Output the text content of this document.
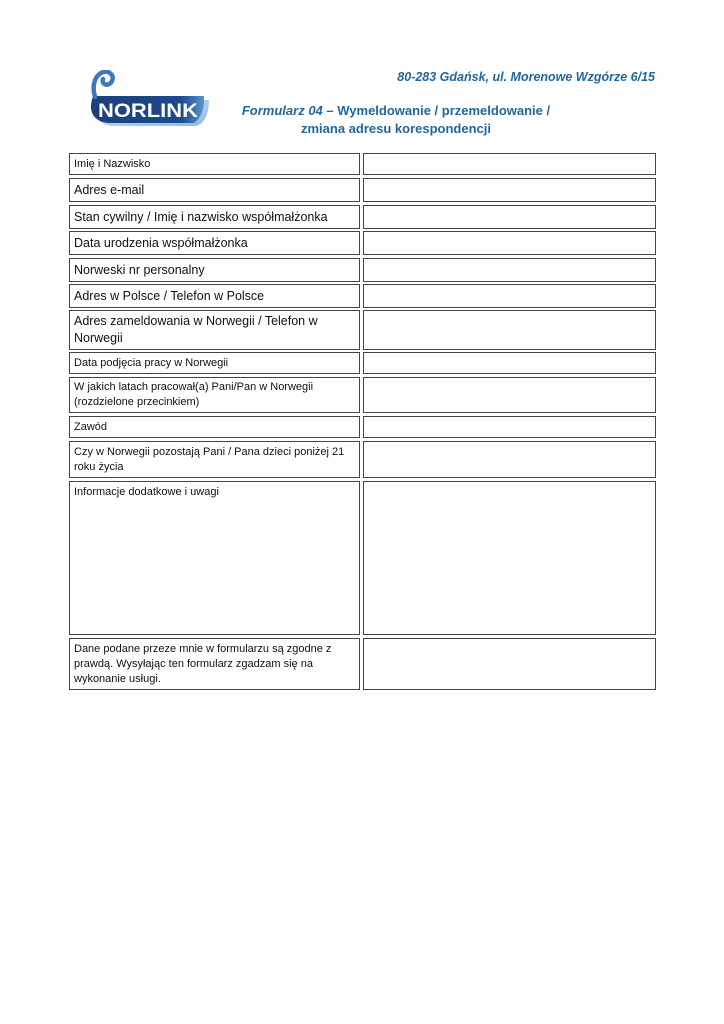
80-283 Gdańsk, ul. Morenowe Wzgórze 6/15
NORLINK	Formularz 04 – Wymeldowanie / przemeldowanie /
zmiana adresu korespondencji
Imię i Nazwisko
Adres e-mail
Stan cywilny / Imię i nazwisko współmałżonka
Data urodzenia współmałżonka
Norweski nr personalny
Adres w Polsce / Telefon w Polsce
Adres zameldowania w Norwegii / Telefon w Norwegii
Data podjęcia pracy w Norwegii
W jakich latach pracował(a) Pani/Pan w Norwegii (rozdzielone przecinkiem)
Zawód
Czy w Norwegii pozostają Pani / Pana dzieci poniżej 21 roku życia
Informacje dodatkowe i uwagi
Dane podane przeze mnie w formularzu są zgodne z prawdą. Wysyłając ten formularz zgadzam się na wykonanie usługi.
